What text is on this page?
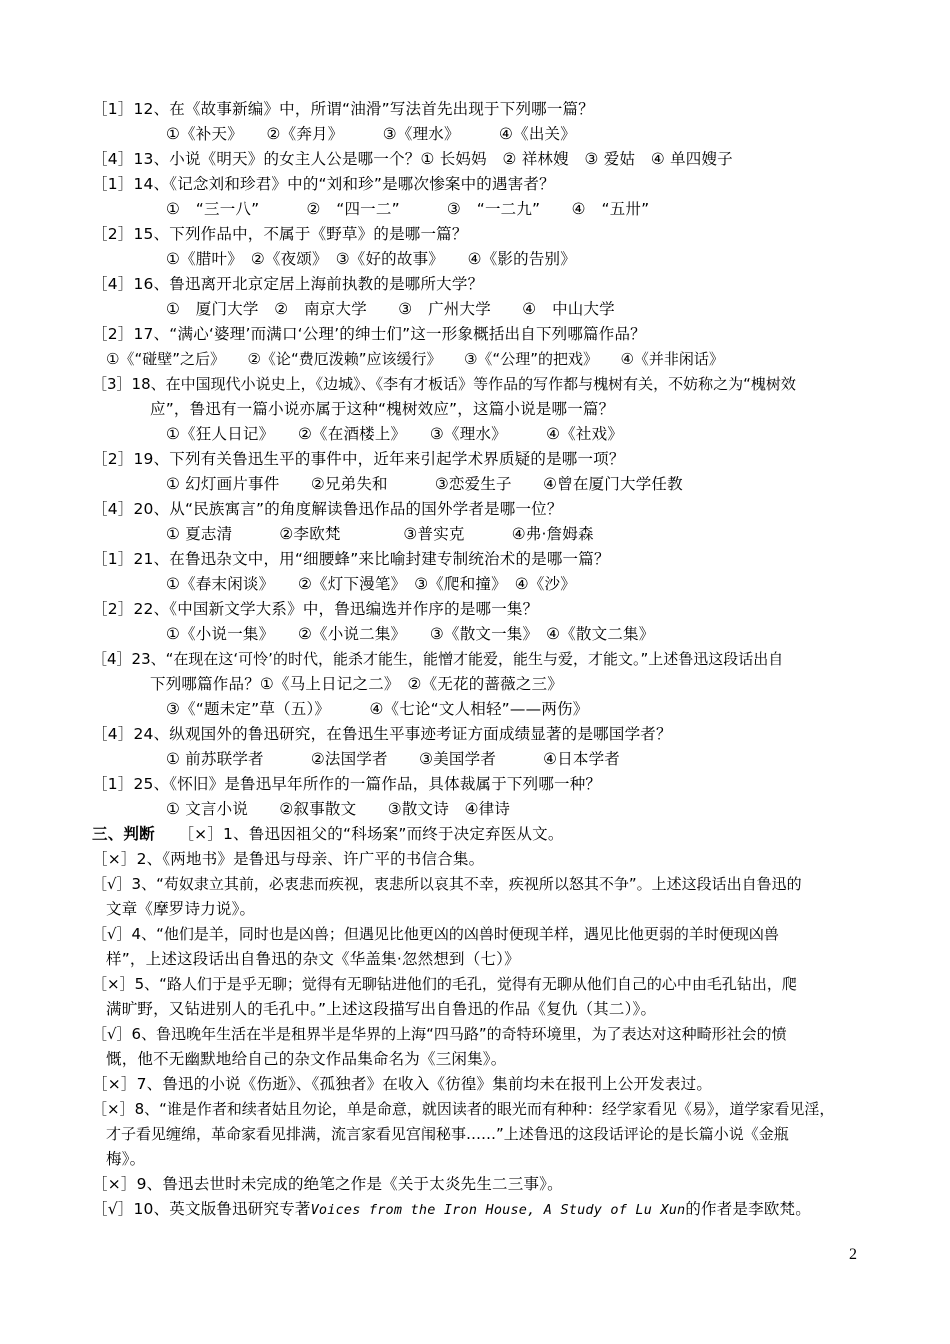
［1］12、在《故事新编》中，所谓“油滑”写法首先出现于下列哪一篇？
①《补天》　　②《奔月》　　　③《理水》　　　④《出关》
［4］13、小说《明天》的女主人公是哪一个？① 长妈妈　② 祥林嫂　③ 爱姑　④ 单四嫂子
［1］14、《记念刘和珍君》中的“刘和珍”是哪次惨案中的遇害者？
①　“三一八”　　　②　“四一二”　　　③　“一二九”　　④　“五卅”
［2］15、下列作品中，不属于《野草》的是哪一篇？
①《腊叶》　②《夜颂》　③《好的故事》　　④《影的告别》
［4］16、鲁迅离开北京定居上海前执教的是哪所大学？
①　厦门大学　②　南京大学　　③　广州大学　　④　中山大学
［2］17、“满心‘婆理’而满口‘公理’的绅士们”这一形象概括出自下列哪篇作品？
①《“碰壁”之后》　　②《论“费厄泼赖”应该缓行》　　③《“公理”的把戏》　　④《并非闲话》
［3］18、在中国现代小说史上，《边城》、《李有才板话》等作品的写作都与槐树有关，不妨称之为“槐树效
应”，鲁迅有一篇小说亦属于这种“槐树效应”，这篇小说是哪一篇？
①《狂人日记》　　②《在酒楼上》　　③《理水》　　　④《社戏》
［2］19、下列有关鲁迅生平的事件中，近年来引起学术界质疑的是哪一项？
① 幻灯画片事件　　②兄弟失和　　　③恋爱生子　　④曾在厦门大学任教
［4］20、从“民族寓言”的角度解读鲁迅作品的国外学者是哪一位？
① 夏志清　　　②李欧梵　　　　③普实克　　　④弗·詹姆森
［1］21、在鲁迅杂文中，用“细腰蜂”来比喻封建专制统治术的是哪一篇？
①《春末闲谈》　　②《灯下漫笔》　③《爬和撞》　④《沙》
［2］22、《中国新文学大系》中，鲁迅编选并作序的是哪一集？
①《小说一集》　　②《小说二集》　　③《散文一集》　④《散文二集》
［4］23、“在现在这‘可怜’的时代，能杀才能生，能憎才能爱，能生与爱，才能文。”上述鲁迅这段话出自
下列哪篇作品？①《马上日记之二》　②《无花的蔷薇之三》
③《“题未定”草（五）》　　　④《七论“文人相轻”——两伤》
［4］24、纵观国外的鲁迅研究，在鲁迅生平事迹考证方面成绩显著的是哪国学者？
① 前苏联学者　　　②法国学者　　③美国学者　　　④日本学者
［1］25、《怀旧》是鲁迅早年所作的一篇作品，具体裁属于下列哪一种？
① 文言小说　　②叙事散文　　③散文诗　④律诗
三、判断　　［×］1、鲁迅因祖父的“科场案”而终于决定弃医从文。
［×］2、《两地书》是鲁迅与母亲、许广平的书信合集。
［√］3、“苟奴隶立其前，必衷悲而疾视，衷悲所以哀其不幸，疾视所以怒其不争”。上述这段话出自鲁迅的
文章《摩罗诗力说》。
［√］4、“他们是羊，同时也是凶兽；但遇见比他更凶的凶兽时便现羊样，遇见比他更弱的羊时便现凶兽
样”，上述这段话出自鲁迅的杂文《华盖集·忽然想到（七）》
［×］5、“路人们于是乎无聊；觉得有无聊钻进他们的毛孔，觉得有无聊从他们自己的心中由毛孔钻出，爬
满旷野，又钻进别人的毛孔中。”上述这段描写出自鲁迅的作品《复仇（其二）》。
［√］6、鲁迅晚年生活在半是租界半是华界的上海“四马路”的奇特环境里，为了表达对这种畸形社会的愤
慨，他不无幽默地给自己的杂文作品集命名为《三闲集》。
［×］7、鲁迅的小说《伤逝》、《孤独者》在收入《彷徨》集前均未在报刊上公开发表过。
［×］8、“谁是作者和续者姑且勿论，单是命意，就因读者的眼光而有种种：经学家看见《易》，道学家看见淫，
才子看见缠绵，革命家看见排满，流言家看见宫闱秘事……”上述鲁迅的这段话评论的是长篇小说《金瓶
梅》。
［×］9、鲁迅去世时未完成的绝笔之作是《关于太炎先生二三事》。
［√］10、英文版鲁迅研究专著Voices from the Iron House, A Study of Lu Xun的作者是李欧梵。
2
